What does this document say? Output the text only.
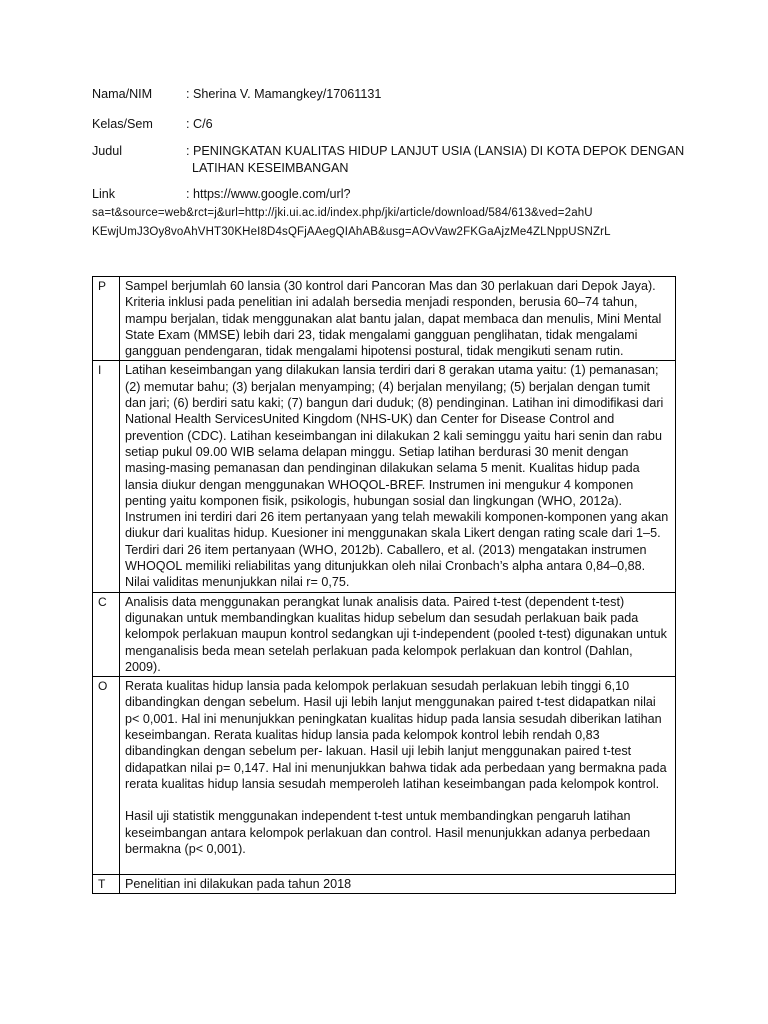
Nama/NIM	: Sherina V. Mamangkey/17061131
Kelas/Sem	: C/6
Judul	: PENINGKATAN KUALITAS HIDUP LANJUT USIA (LANSIA) DI KOTA DEPOK DENGAN
LATIHAN KESEIMBANGAN
Link	: https://www.google.com/url?
sa=t&source=web&rct=j&url=http://jki.ui.ac.id/index.php/jki/article/download/584/613&ved=2ahU
KEwjUmJ3Oy8voAhVHT30KHeI8D4sQFjAAegQIAhAB&usg=AOvVaw2FKGaAjzMe4ZLNppUSNZrL
P	Sampel berjumlah 60 lansia (30 kontrol dari Pancoran Mas dan 30 perlakuan dari Depok Jaya). Kriteria inklusi pada penelitian ini adalah bersedia menjadi responden, berusia 60–74 tahun, mampu berjalan, tidak menggunakan alat bantu jalan, dapat membaca dan menulis, Mini Mental State Exam (MMSE) lebih dari 23, tidak mengalami gangguan penglihatan, tidak mengalami gangguan pendengaran, tidak mengalami hipotensi postural, tidak mengikuti senam rutin.
I	Latihan keseimbangan yang dilakukan lansia terdiri dari 8 gerakan utama yaitu: (1) pemanasan; (2) memutar bahu; (3) berjalan menyamping; (4) berjalan menyilang; (5) berjalan dengan tumit dan jari; (6) berdiri satu kaki; (7) bangun dari duduk; (8) pendinginan. Latihan ini dimodifikasi dari National Health ServicesUnited Kingdom (NHS-UK) dan Center for Disease Control and prevention (CDC). Latihan keseimbangan ini dilakukan 2 kali seminggu yaitu hari senin dan rabu setiap pukul 09.00 WIB selama delapan minggu. Setiap latihan berdurasi 30 menit dengan masing-masing pemanasan dan pendinginan dilakukan selama 5 menit. Kualitas hidup pada lansia diukur dengan menggunakan WHOQOL-BREF. Instrumen ini mengukur 4 komponen penting yaitu komponen fisik, psikologis, hubungan sosial dan lingkungan (WHO, 2012a). Instrumen ini terdiri dari 26 item pertanyaan yang telah mewakili komponen-komponen yang akan diukur dari kualitas hidup. Kuesioner ini menggunakan skala Likert dengan rating scale dari 1–5. Terdiri dari 26 item pertanyaan (WHO, 2012b). Caballero, et al. (2013) mengatakan instrumen WHOQOL memiliki reliabilitas yang ditunjukkan oleh nilai Cronbach’s alpha antara 0,84–0,88. Nilai validitas menunjukkan nilai r= 0,75.
C	Analisis data menggunakan perangkat lunak analisis data. Paired t-test (dependent t-test) digunakan untuk membandingkan kualitas hidup sebelum dan sesudah perlakuan baik pada kelompok perlakuan maupun kontrol sedangkan uji t-independent (pooled t-test) digunakan untuk menganalisis beda mean setelah perlakuan pada kelompok perlakuan dan kontrol (Dahlan, 2009).
O	Rerata kualitas hidup lansia pada kelompok perlakuan sesudah perlakuan lebih tinggi 6,10 dibandingkan dengan sebelum. Hasil uji lebih lanjut menggunakan paired t-test didapatkan nilai p< 0,001. Hal ini menunjukkan peningkatan kualitas hidup pada lansia sesudah diberikan latihan keseimbangan. Rerata kualitas hidup lansia pada kelompok kontrol lebih rendah 0,83 dibandingkan dengan sebelum per- lakuan. Hasil uji lebih lanjut menggunakan paired t-test didapatkan nilai p= 0,147. Hal ini menunjukkan bahwa tidak ada perbedaan yang bermakna pada rerata kualitas hidup lansia sesudah memperoleh latihan keseimbangan pada kelompok kontrol.
Hasil uji statistik menggunakan independent t-test untuk membandingkan pengaruh latihan keseimbangan antara kelompok perlakuan dan control. Hasil menunjukkan adanya perbedaan bermakna (p< 0,001).

T	Penelitian ini dilakukan pada tahun 2018
